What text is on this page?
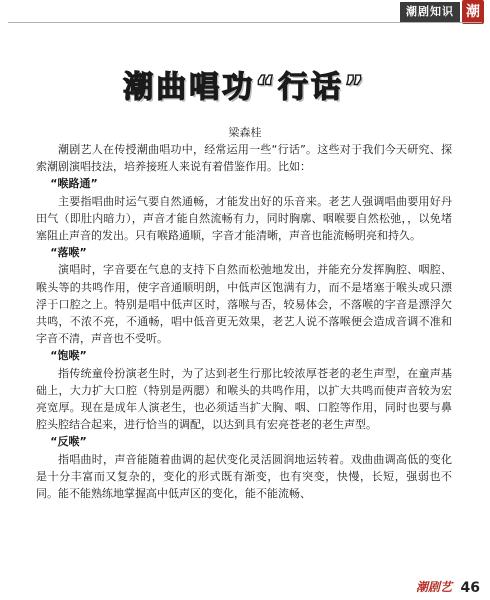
潮剧知识 潮
潮曲唱功“行话”
梁森桂

潮剧艺人在传授潮曲唱功中，经常运用一些“行话”。这些对于我们今天研究、探索潮剧演唱技法，培养接班人来说有着借鉴作用。比如：

“喉路通”

主要指唱曲时运气要自然通畅，才能发出好的乐音来。老艺人强调唱曲要用好丹田气（即肚内暗力），声音才能自然流畅有力，同时胸廓、咽喉要自然松弛，，以免堵塞阻止声音的发出。只有喉路通顺，字音才能清晰，声音也能流畅明亮和持久。

“落喉”

演唱时，字音要在气息的支持下自然而松弛地发出，并能充分发挥胸腔、咽腔、喉头等的共鸣作用，使字音通顺明朗，中低声区饱满有力，而不是堵塞于喉头或只漂浮于口腔之上。特别是唱中低声区时，落喉与否，较易体会，不落喉的字音是漂浮欠共鸣，不浓不亮，不通畅，唱中低音更无效果，老艺人说不落喉便会造成音调不准和字音不清，声音也不受听。

“饱喉”

指传统童伶扮演老生时，为了达到老生行那比较浓厚苍老的老生声型，在童声基础上，大力扩大口腔（特别是两腮）和喉头的共鸣作用，以扩大共鸣而使声音较为宏亮宽厚。现在是成年人演老生，也必须适当扩大胸、咽、口腔等作用，同时也要与鼻腔头腔结合起来，进行恰当的调配，以达到具有宏亮苍老的老生声型。

“反喉”

指唱曲时，声音能随着曲调的起伏变化灵活圆润地运转着。戏曲曲调高低的变化是十分丰富而又复杂的，变化的形式既有渐变，也有突变，快慢，长短，强弱也不同。能不能熟练地掌握高中低声区的变化，能不能流畅、

潮剧艺 46
